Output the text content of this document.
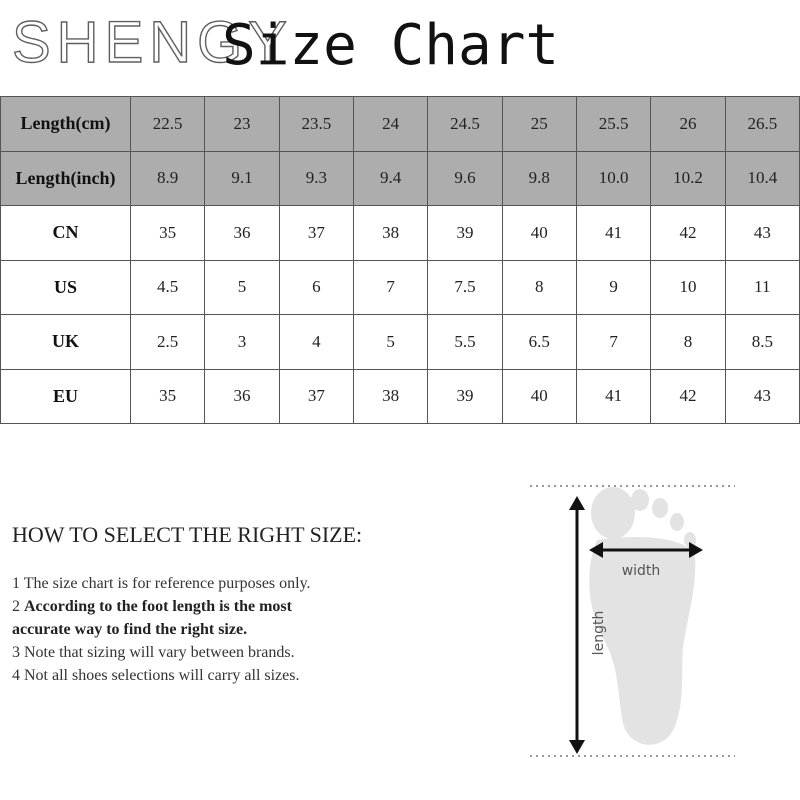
SHENGY
Size Chart
Length(cm)	22.5	23	23.5	24	24.5	25	25.5	26	26.5
Length(inch)	8.9	9.1	9.3	9.4	9.6	9.8	10.0	10.2	10.4
CN	35	36	37	38	39	40	41	42	43
US	4.5	5	6	7	7.5	8	9	10	11
UK	2.5	3	4	5	5.5	6.5	7	8	8.5
EU	35	36	37	38	39	40	41	42	43
HOW TO SELECT THE RIGHT SIZE:
1 The size chart is for reference purposes only.
2 According to the foot length is the most
accurate way to find the right size.
3 Note that sizing will vary between brands.
4 Not all shoes selections will carry all sizes.
width
length
